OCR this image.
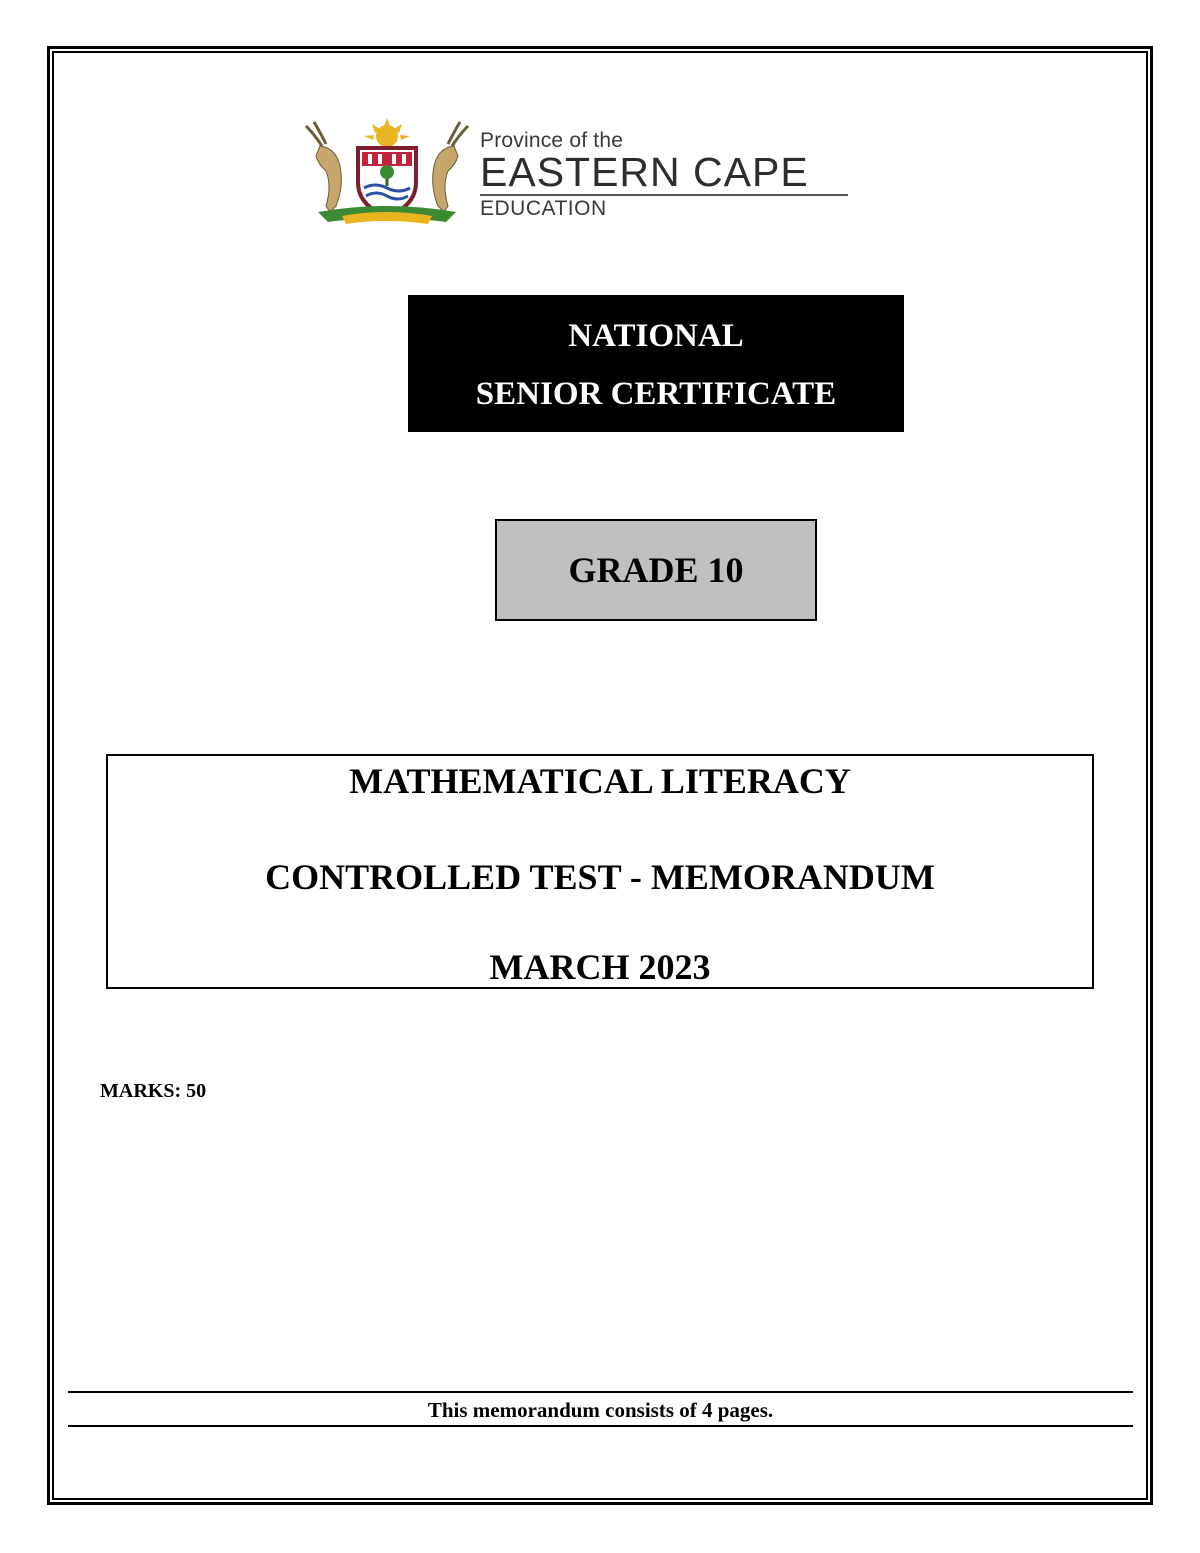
Province of the
EASTERN CAPE
EDUCATION
NATIONAL
SENIOR CERTIFICATE
GRADE 10
MATHEMATICAL LITERACY
CONTROLLED TEST - MEMORANDUM
MARCH 2023
MARKS: 50
This memorandum consists of 4 pages.
